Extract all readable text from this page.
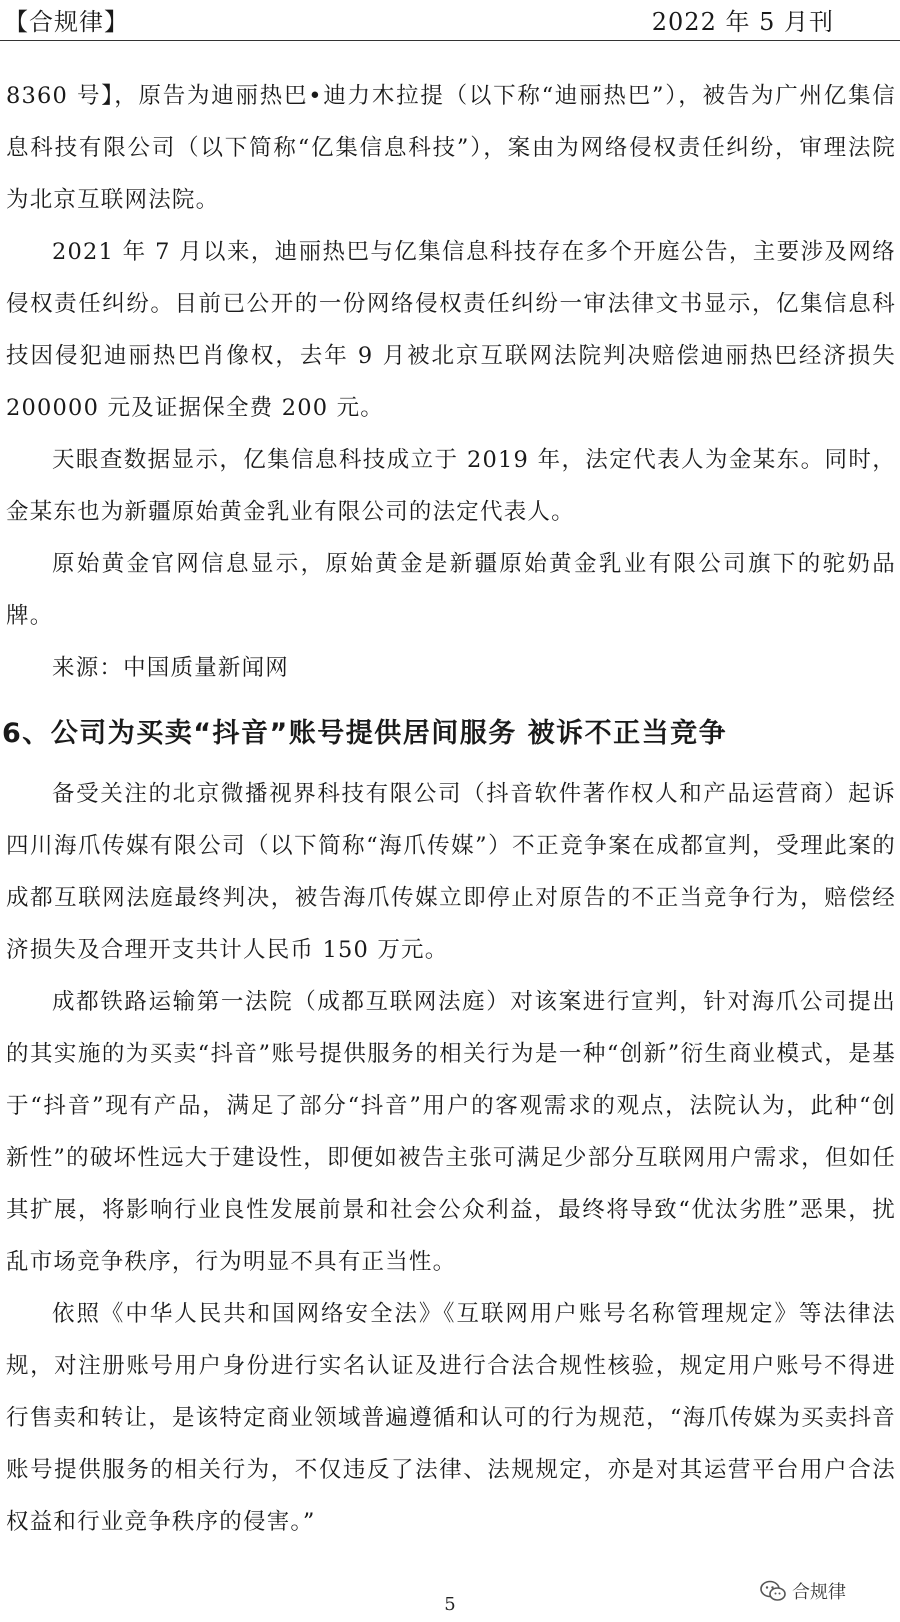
【合规律】	2022 年 5 月刊

8360 号】，原告为迪丽热巴•迪力木拉提（以下称“迪丽热巴”），被告为广州亿集信息科技有限公司（以下简称“亿集信息科技”），案由为网络侵权责任纠纷，审理法院为北京互联网法院。

2021 年 7 月以来，迪丽热巴与亿集信息科技存在多个开庭公告，主要涉及网络侵权责任纠纷。目前已公开的一份网络侵权责任纠纷一审法律文书显示，亿集信息科技因侵犯迪丽热巴肖像权，去年 9 月被北京互联网法院判决赔偿迪丽热巴经济损失 200000 元及证据保全费 200 元。

天眼查数据显示，亿集信息科技成立于 2019 年，法定代表人为金某东。同时，金某东也为新疆原始黄金乳业有限公司的法定代表人。

原始黄金官网信息显示，原始黄金是新疆原始黄金乳业有限公司旗下的驼奶品牌。

来源：中国质量新闻网

6、公司为买卖“抖音”账号提供居间服务 被诉不正当竞争

备受关注的北京微播视界科技有限公司（抖音软件著作权人和产品运营商）起诉四川海爪传媒有限公司（以下简称“海爪传媒”）不正竞争案在成都宣判，受理此案的成都互联网法庭最终判决，被告海爪传媒立即停止对原告的不正当竞争行为，赔偿经济损失及合理开支共计人民币 150 万元。

成都铁路运输第一法院（成都互联网法庭）对该案进行宣判，针对海爪公司提出的其实施的为买卖“抖音”账号提供服务的相关行为是一种“创新”衍生商业模式，是基于“抖音”现有产品，满足了部分“抖音”用户的客观需求的观点，法院认为，此种“创新性”的破坏性远大于建设性，即便如被告主张可满足少部分互联网用户需求，但如任其扩展，将影响行业良性发展前景和社会公众利益，最终将导致“优汰劣胜”恶果，扰乱市场竞争秩序，行为明显不具有正当性。

依照《中华人民共和国网络安全法》《互联网用户账号名称管理规定》等法律法规，对注册账号用户身份进行实名认证及进行合法合规性核验，规定用户账号不得进行售卖和转让，是该特定商业领域普遍遵循和认可的行为规范，“海爪传媒为买卖抖音账号提供服务的相关行为，不仅违反了法律、法规规定，亦是对其运营平台用户合法权益和行业竞争秩序的侵害。”

合规律
5
